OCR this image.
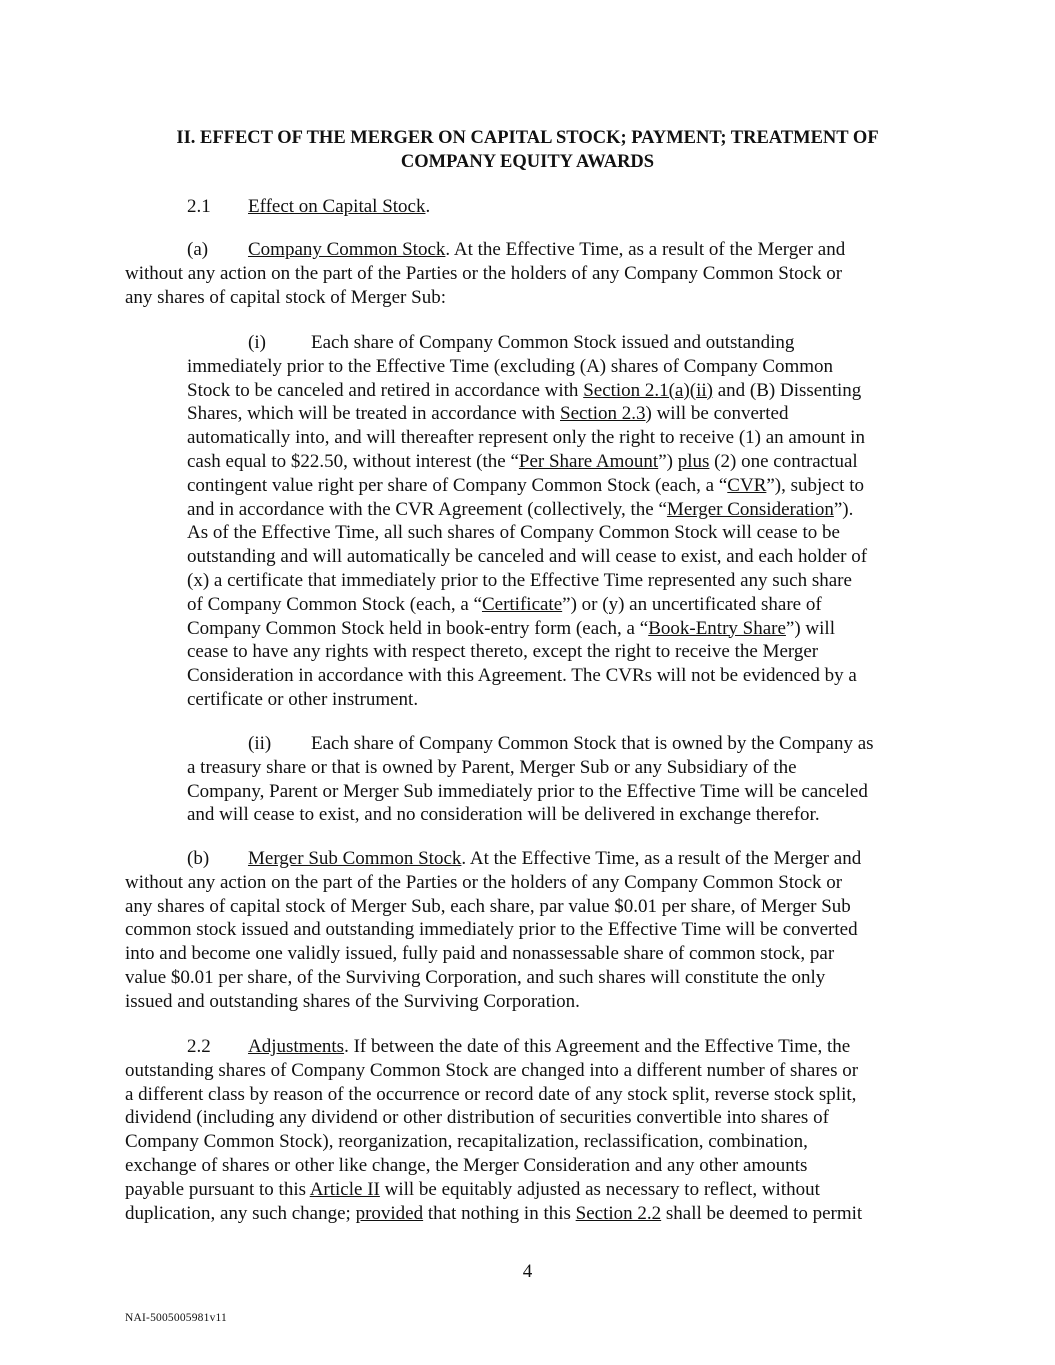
II. EFFECT OF THE MERGER ON CAPITAL STOCK; PAYMENT; TREATMENT OF
COMPANY EQUITY AWARDS
2.1 Effect on Capital Stock.
(a) Company Common Stock. At the Effective Time, as a result of the Merger and
without any action on the part of the Parties or the holders of any Company Common Stock or
any shares of capital stock of Merger Sub:
(i) Each share of Company Common Stock issued and outstanding
immediately prior to the Effective Time (excluding (A) shares of Company Common
Stock to be canceled and retired in accordance with Section 2.1(a)(ii) and (B) Dissenting
Shares, which will be treated in accordance with Section 2.3) will be converted
automatically into, and will thereafter represent only the right to receive (1) an amount in
cash equal to $22.50, without interest (the “Per Share Amount”) plus (2) one contractual
contingent value right per share of Company Common Stock (each, a “CVR”), subject to
and in accordance with the CVR Agreement (collectively, the “Merger Consideration”).
As of the Effective Time, all such shares of Company Common Stock will cease to be
outstanding and will automatically be canceled and will cease to exist, and each holder of
(x) a certificate that immediately prior to the Effective Time represented any such share
of Company Common Stock (each, a “Certificate”) or (y) an uncertificated share of
Company Common Stock held in book-entry form (each, a “Book-Entry Share”) will
cease to have any rights with respect thereto, except the right to receive the Merger
Consideration in accordance with this Agreement. The CVRs will not be evidenced by a
certificate or other instrument.
(ii) Each share of Company Common Stock that is owned by the Company as
a treasury share or that is owned by Parent, Merger Sub or any Subsidiary of the
Company, Parent or Merger Sub immediately prior to the Effective Time will be canceled
and will cease to exist, and no consideration will be delivered in exchange therefor.
(b) Merger Sub Common Stock. At the Effective Time, as a result of the Merger and
without any action on the part of the Parties or the holders of any Company Common Stock or
any shares of capital stock of Merger Sub, each share, par value $0.01 per share, of Merger Sub
common stock issued and outstanding immediately prior to the Effective Time will be converted
into and become one validly issued, fully paid and nonassessable share of common stock, par
value $0.01 per share, of the Surviving Corporation, and such shares will constitute the only
issued and outstanding shares of the Surviving Corporation.
2.2 Adjustments. If between the date of this Agreement and the Effective Time, the
outstanding shares of Company Common Stock are changed into a different number of shares or
a different class by reason of the occurrence or record date of any stock split, reverse stock split,
dividend (including any dividend or other distribution of securities convertible into shares of
Company Common Stock), reorganization, recapitalization, reclassification, combination,
exchange of shares or other like change, the Merger Consideration and any other amounts
payable pursuant to this Article II will be equitably adjusted as necessary to reflect, without
duplication, any such change; provided that nothing in this Section 2.2 shall be deemed to permit
4
NAI-5005005981v11
